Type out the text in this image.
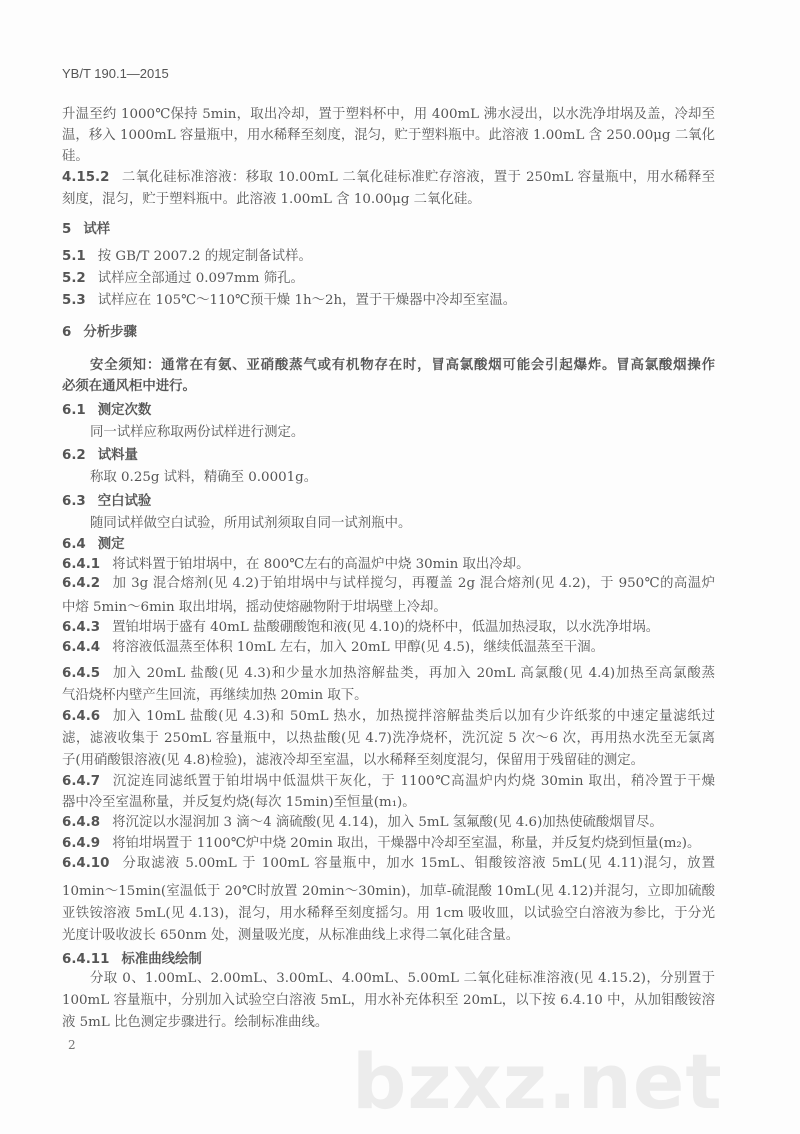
YB/T 190.1—2015
升温至约 1000℃保持 5min，取出冷却，置于塑料杯中，用 400mL 沸水浸出，以水洗净坩埚及盖，冷却至
温，移入 1000mL 容量瓶中，用水稀释至刻度，混匀，贮于塑料瓶中。此溶液 1.00mL 含 250.00μg 二氧化
硅。
4.15.2 二氧化硅标准溶液：移取 10.00mL 二氧化硅标准贮存溶液，置于 250mL 容量瓶中，用水稀释至
刻度，混匀，贮于塑料瓶中。此溶液 1.00mL 含 10.00μg 二氧化硅。
5 试样
5.1 按 GB/T 2007.2 的规定制备试样。
5.2 试样应全部通过 0.097mm 筛孔。
5.3 试样应在 105℃～110℃预干燥 1h～2h，置于干燥器中冷却至室温。
6 分析步骤
安全须知：通常在有氨、亚硝酸蒸气或有机物存在时，冒高氯酸烟可能会引起爆炸。冒高氯酸烟操作
必须在通风柜中进行。
6.1 测定次数
同一试样应称取两份试样进行测定。
6.2 试料量
称取 0.25g 试料，精确至 0.0001g。
6.3 空白试验
随同试样做空白试验，所用试剂须取自同一试剂瓶中。
6.4 测定
6.4.1 将试料置于铂坩埚中，在 800℃左右的高温炉中烧 30min 取出冷却。
6.4.2 加 3g 混合熔剂(见 4.2)于铂坩埚中与试样搅匀，再覆盖 2g 混合熔剂(见 4.2)，于 950℃的高温炉
中熔 5min～6min 取出坩埚，摇动使熔融物附于坩埚壁上冷却。
6.4.3 置铂坩埚于盛有 40mL 盐酸硼酸饱和液(见 4.10)的烧杯中，低温加热浸取，以水洗净坩埚。
6.4.4 将溶液低温蒸至体积 10mL 左右，加入 20mL 甲醇(见 4.5)，继续低温蒸至干涸。
6.4.5 加入 20mL 盐酸(见 4.3)和少量水加热溶解盐类，再加入 20mL 高氯酸(见 4.4)加热至高氯酸蒸
气沿烧杯内壁产生回流，再继续加热 20min 取下。
6.4.6 加入 10mL 盐酸(见 4.3)和 50mL 热水，加热搅拌溶解盐类后以加有少许纸浆的中速定量滤纸过
滤，滤液收集于 250mL 容量瓶中，以热盐酸(见 4.7)洗净烧杯，洗沉淀 5 次～6 次，再用热水洗至无氯离
子(用硝酸银溶液(见 4.8)检验)，滤液冷却至室温，以水稀释至刻度混匀，保留用于残留硅的测定。
6.4.7 沉淀连同滤纸置于铂坩埚中低温烘干灰化，于 1100℃高温炉内灼烧 30min 取出，稍冷置于干燥
器中冷至室温称量，并反复灼烧(每次 15min)至恒量(m₁)。
6.4.8 将沉淀以水湿润加 3 滴～4 滴硫酸(见 4.14)，加入 5mL 氢氟酸(见 4.6)加热使硫酸烟冒尽。
6.4.9 将铂坩埚置于 1100℃炉中烧 20min 取出，干燥器中冷却至室温，称量，并反复灼烧到恒量(m₂)。
6.4.10 分取滤液 5.00mL 于 100mL 容量瓶中，加水 15mL、钼酸铵溶液 5mL(见 4.11)混匀，放置
10min～15min(室温低于 20℃时放置 20min～30min)，加草-硫混酸 10mL(见 4.12)并混匀，立即加硫酸
亚铁铵溶液 5mL(见 4.13)，混匀，用水稀释至刻度摇匀。用 1cm 吸收皿，以试验空白溶液为参比，于分光
光度计吸收波长 650nm 处，测量吸光度，从标准曲线上求得二氧化硅含量。
6.4.11 标准曲线绘制
分取 0、1.00mL、2.00mL、3.00mL、4.00mL、5.00mL 二氧化硅标准溶液(见 4.15.2)，分别置于
100mL 容量瓶中，分别加入试验空白溶液 5mL，用水补充体积至 20mL，以下按 6.4.10 中，从加钼酸铵溶
液 5mL 比色测定步骤进行。绘制标准曲线。
2	bzxz.net
